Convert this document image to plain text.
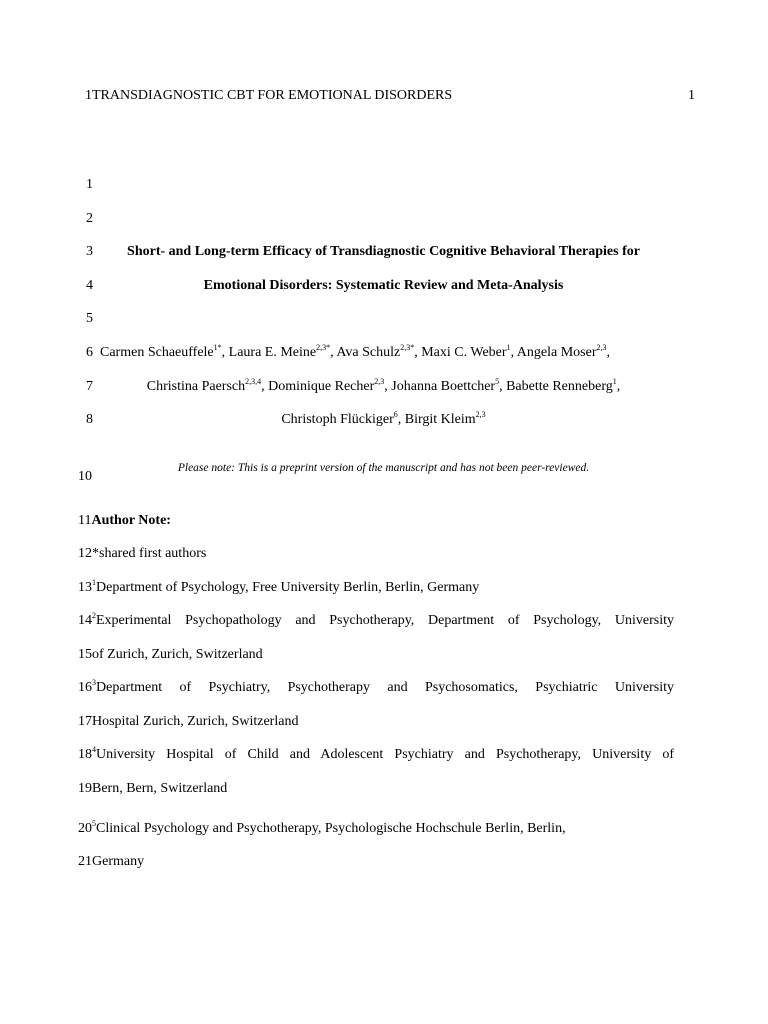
1TRANSDIAGNOSTIC CBT FOR EMOTIONAL DISORDERS	1
1
2
3
4
5
6
7
8
10
Short- and Long-term Efficacy of Transdiagnostic Cognitive Behavioral Therapies for
Emotional Disorders: Systematic Review and Meta-Analysis
Carmen Schaeuffele$^{1*}$, Laura E. Meine$^{2,3*}$, Ava Schulz$^{2,3*}$, Maxi C. Weber$^1$, Angela Moser$^{2,3}$,
Christina Paersch$^{2,3,4}$, Dominique Recher$^{2,3}$, Johanna Boettcher$^5$, Babette Renneberg$^1$,
Christoph Flückiger$^6$, Birgit Kleim$^{2,3}$
Please note: This is a preprint version of the manuscript and has not been peer-reviewed.
11Author Note:
12*shared first authors
$13^1Department$ of Psychology, Free University Berlin, Berlin, Germany
$14^2$ Experimental Psychopathology and Psychotherapy, Department of Psychology, University
15of Zurich, Zurich, Switzerland
$16^3$ Department of Psychiatry, Psychotherapy and Psychosomatics, Psychiatric University
17Hospital Zurich, Zurich, Switzerland
$18^4$ University Hospital of Child and Adolescent Psychiatry and Psychotherapy, University of
19Bern, Bern, Switzerland
$20^5Clinical$ Psychology and Psychotherapy, Psychologische Hochschule Berlin, Berlin,
21Germany
